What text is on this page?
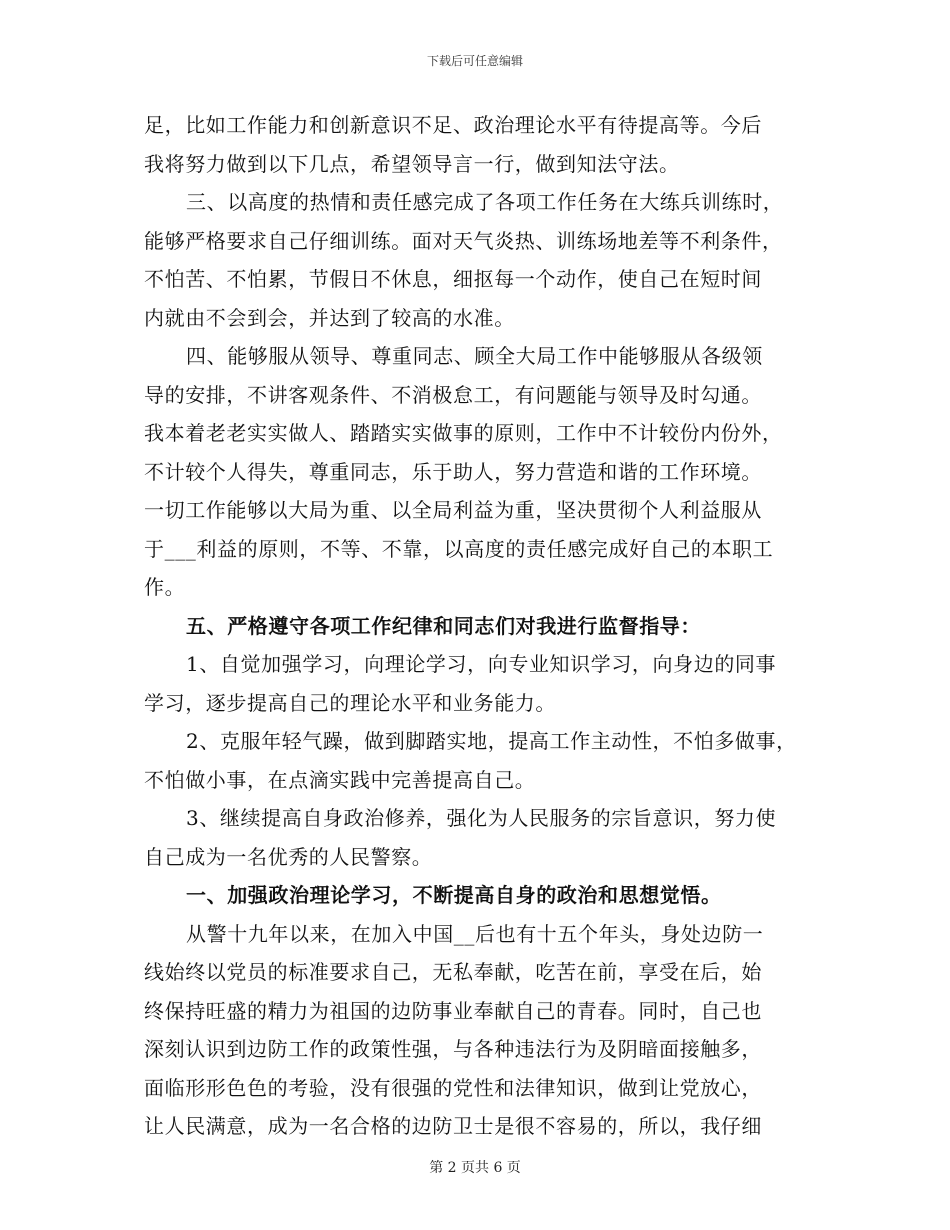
下载后可任意编辑
足，比如工作能力和创新意识不足、政治理论水平有待提高等。今后
我将努力做到以下几点，希望领导言一行，做到知法守法。
三、以高度的热情和责任感完成了各项工作任务在大练兵训练时，
能够严格要求自己仔细训练。面对天气炎热、训练场地差等不利条件，
不怕苦、不怕累，节假日不休息，细抠每一个动作，使自己在短时间
内就由不会到会，并达到了较高的水准。
四、能够服从领导、尊重同志、顾全大局工作中能够服从各级领
导的安排，不讲客观条件、不消极怠工，有问题能与领导及时勾通。
我本着老老实实做人、踏踏实实做事的原则，工作中不计较份内份外，
不计较个人得失，尊重同志，乐于助人，努力营造和谐的工作环境。
一切工作能够以大局为重、以全局利益为重，坚决贯彻个人利益服从
于___利益的原则，不等、不靠，以高度的责任感完成好自己的本职工
作。
五、严格遵守各项工作纪律和同志们对我进行监督指导：
1、自觉加强学习，向理论学习，向专业知识学习，向身边的同事
学习，逐步提高自己的理论水平和业务能力。
2、克服年轻气躁，做到脚踏实地，提高工作主动性，不怕多做事，
不怕做小事，在点滴实践中完善提高自己。
3、继续提高自身政治修养，强化为人民服务的宗旨意识，努力使
自己成为一名优秀的人民警察。
一、加强政治理论学习，不断提高自身的政治和思想觉悟。
从警十九年以来，在加入中国__后也有十五个年头，身处边防一
线始终以党员的标准要求自己，无私奉献，吃苦在前，享受在后，始
终保持旺盛的精力为祖国的边防事业奉献自己的青春。同时，自己也
深刻认识到边防工作的政策性强，与各种违法行为及阴暗面接触多，
面临形形色色的考验，没有很强的党性和法律知识，做到让党放心，
让人民满意，成为一名合格的边防卫士是很不容易的，所以，我仔细
第 2 页共 6 页
